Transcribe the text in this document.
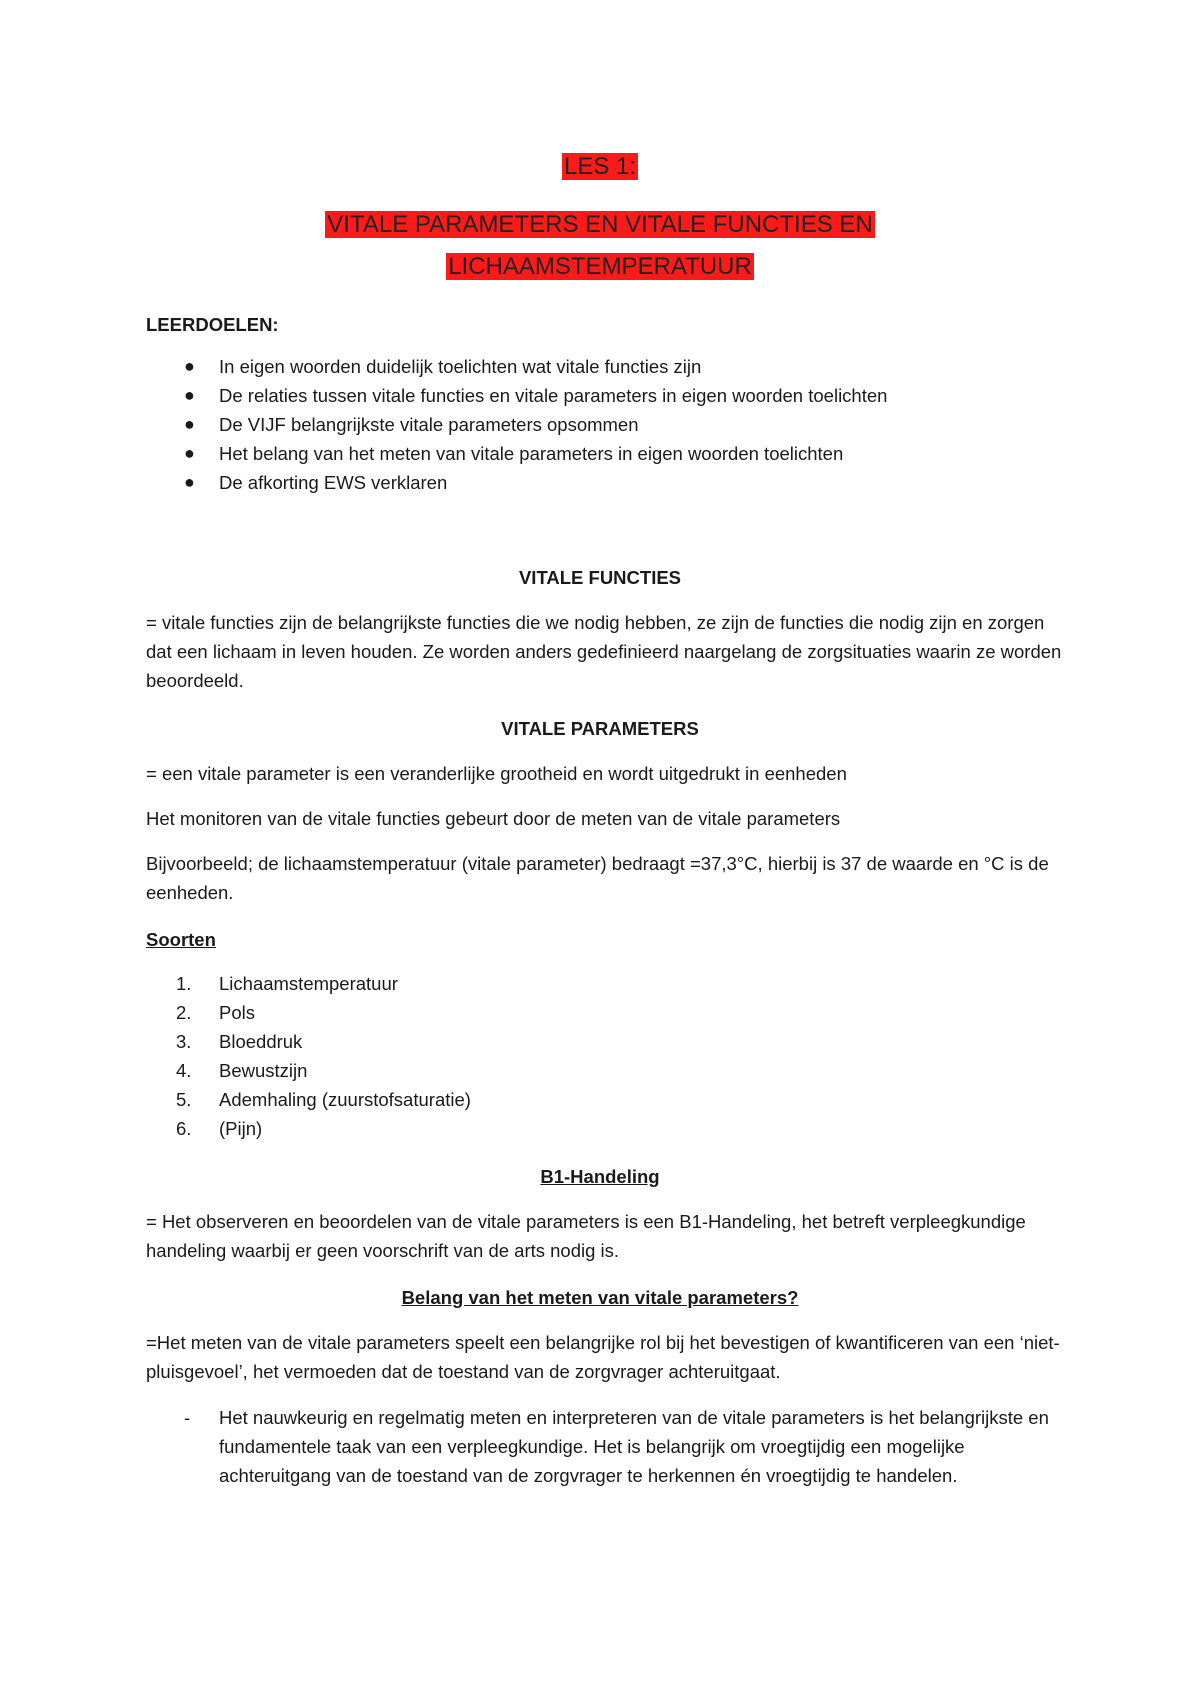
LES 1:
VITALE PARAMETERS EN VITALE FUNCTIES EN
LICHAAMSTEMPERATUUR
LEERDOELEN:
● In eigen woorden duidelijk toelichten wat vitale functies zijn
● De relaties tussen vitale functies en vitale parameters in eigen woorden toelichten
● De VIJF belangrijkste vitale parameters opsommen
● Het belang van het meten van vitale parameters in eigen woorden toelichten
● De afkorting EWS verklaren
VITALE FUNCTIES
= vitale functies zijn de belangrijkste functies die we nodig hebben, ze zijn de functies die nodig zijn en zorgen dat een lichaam in leven houden. Ze worden anders gedefinieerd naargelang de zorgsituaties waarin ze worden beoordeeld.
VITALE PARAMETERS
= een vitale parameter is een veranderlijke grootheid en wordt uitgedrukt in eenheden
Het monitoren van de vitale functies gebeurt door de meten van de vitale parameters
Bijvoorbeeld; de lichaamstemperatuur (vitale parameter) bedraagt =37,3°C, hierbij is 37 de waarde en °C is de eenheden.
Soorten
1.	Lichaamstemperatuur
2.	Pols
3.	Bloeddruk
4.	Bewustzijn
5.	Ademhaling (zuurstofsaturatie)
6.	(Pijn)
B1-Handeling
= Het observeren en beoordelen van de vitale parameters is een B1-Handeling, het betreft verpleegkundige handeling waarbij er geen voorschrift van de arts nodig is.
Belang van het meten van vitale parameters?
=Het meten van de vitale parameters speelt een belangrijke rol bij het bevestigen of kwantificeren van een ‘niet-pluisgevoel’, het vermoeden dat de toestand van de zorgvrager achteruitgaat.
- Het nauwkeurig en regelmatig meten en interpreteren van de vitale parameters is het belangrijkste en fundamentele taak van een verpleegkundige. Het is belangrijk om vroegtijdig een mogelijke achteruitgang van de toestand van de zorgvrager te herkennen én vroegtijdig te handelen.
